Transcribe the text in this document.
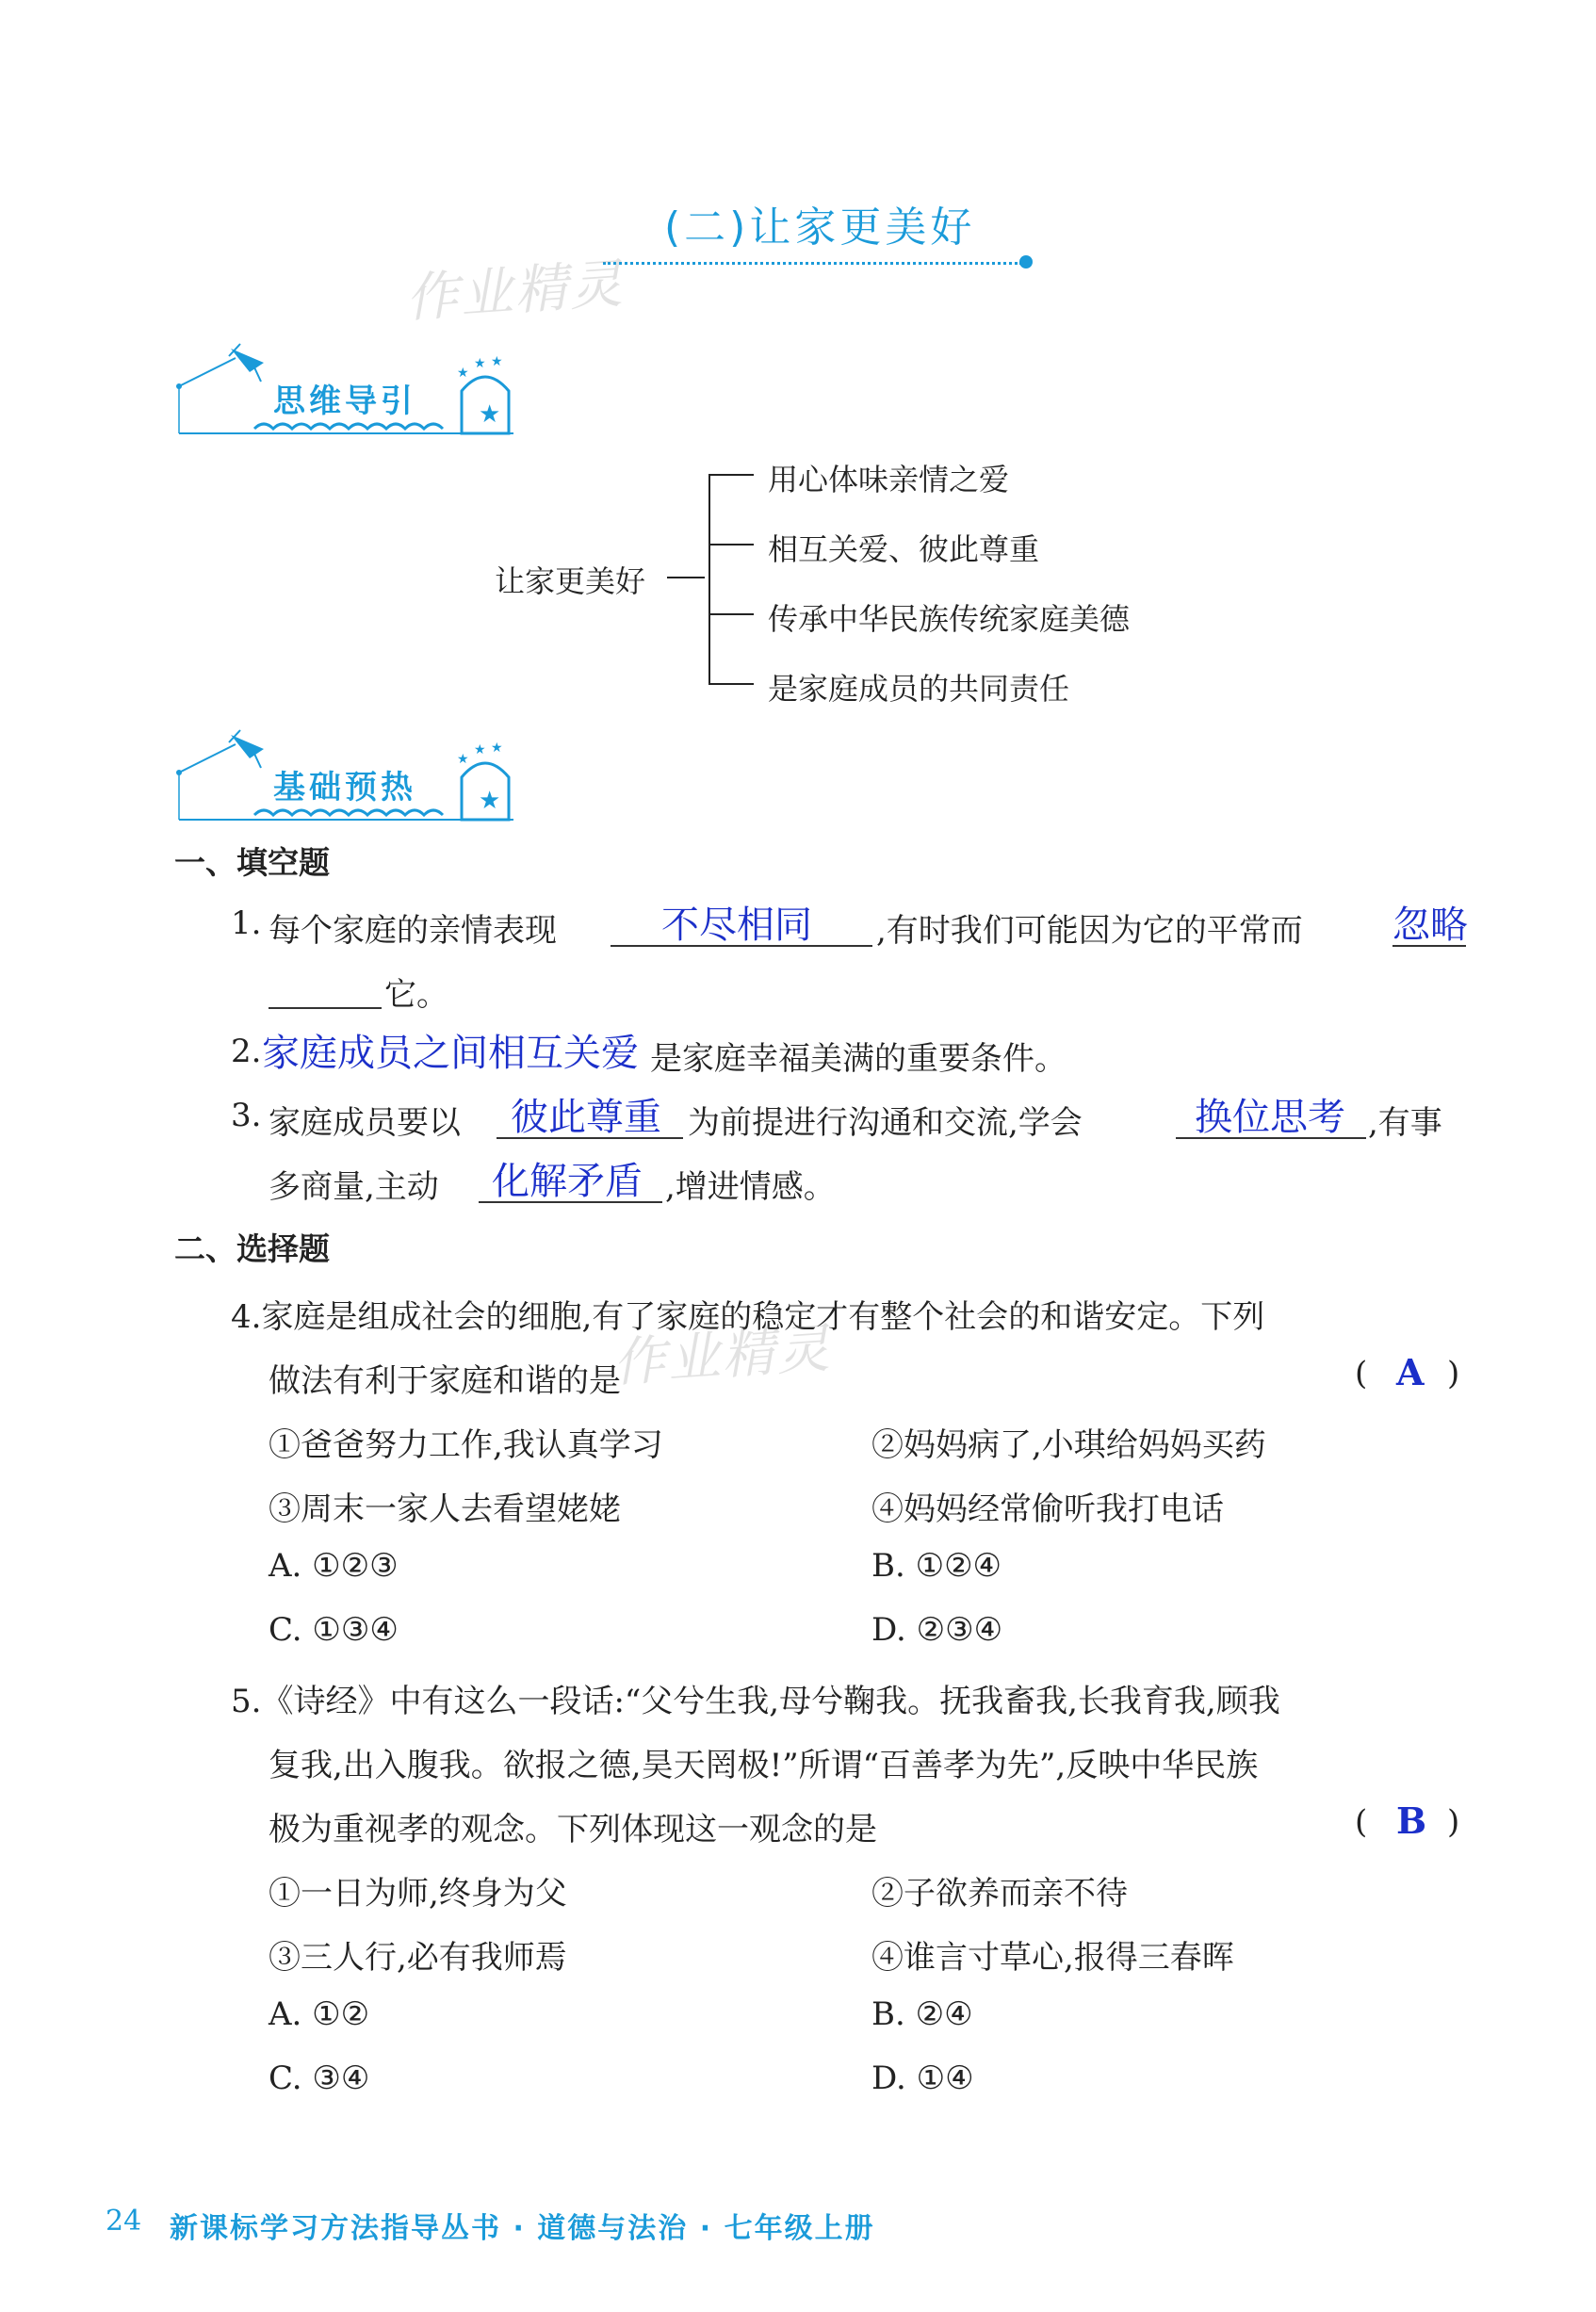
(二)让家更美好
作业精灵
★
★
★ ★
思维导引
让家更美好
用心体味亲情之爱
相互关爱、彼此尊重
传承中华民族传统家庭美德
是家庭成员的共同责任
★
★
★ ★
基础预热
一、填空题
1. 每个家庭的亲情表现	不尽相同 ,有时我们可能因为它的平常而 忽略
它。
2. 家庭成员之间相互关爱 是家庭幸福美满的重要条件。
3. 家庭成员要以 彼此尊重 为前提进行沟通和交流,学会	换位思考 ,有事
多商量,主动 化解矛盾 ,增进情感。
二、选择题
4.家庭是组成社会的细胞,有了家庭的稳定才有整个社会的和谐安定。下列
作业精灵
做法有利于家庭和谐的是	( A )
①爸爸努力工作,我认真学习	②妈妈病了,小琪给妈妈买药
③周末一家人去看望姥姥	④妈妈经常偷听我打电话
A. ①②③	B. ①②④
C. ①③④	D. ②③④
5.《诗经》中有这么一段话:“父兮生我,母兮鞠我。抚我畜我,长我育我,顾我
复我,出入腹我。欲报之德,昊天罔极!”所谓“百善孝为先”,反映中华民族
极为重视孝的观念。下列体现这一观念的是	( B )
①一日为师,终身为父	②子欲养而亲不待
③三人行,必有我师焉	④谁言寸草心,报得三春晖
A. ①②	B. ②④
C. ③④	D. ①④
24 新课标学习方法指导丛书 · 道德与法治 · 七年级上册
